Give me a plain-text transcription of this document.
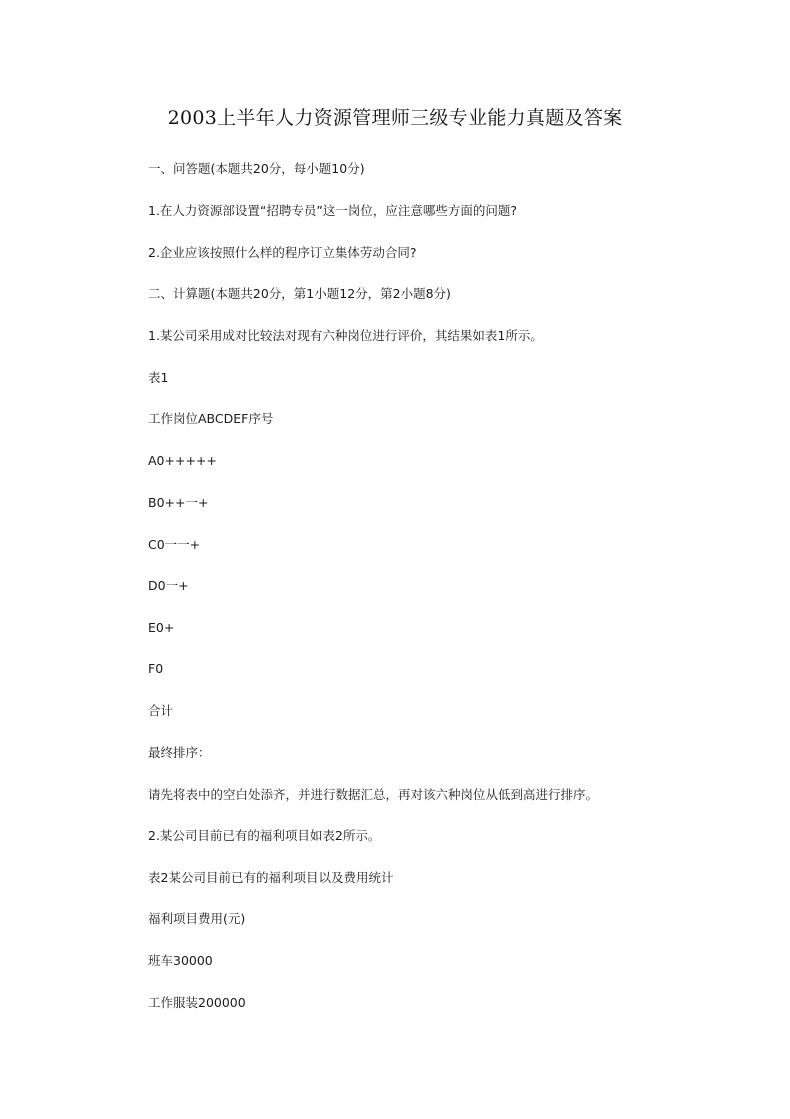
2003上半年人力资源管理师三级专业能力真题及答案
一、问答题(本题共20分，每小题10分)
1.在人力资源部设置“招聘专员”这一岗位，应注意哪些方面的问题?
2.企业应该按照什么样的程序订立集体劳动合同?
二、计算题(本题共20分，第1小题12分，第2小题8分)
1.某公司采用成对比较法对现有六种岗位进行评价，其结果如表1所示。
表1
工作岗位ABCDEF序号
A0+++++
B0++一+
C0一一+
D0一+
E0+
F0
合计
最终排序：
请先将表中的空白处添齐，并进行数据汇总，再对该六种岗位从低到高进行排序。
2.某公司目前已有的福利项目如表2所示。
表2某公司目前已有的福利项目以及费用统计
福利项目费用(元)
班车30000
工作服装200000
